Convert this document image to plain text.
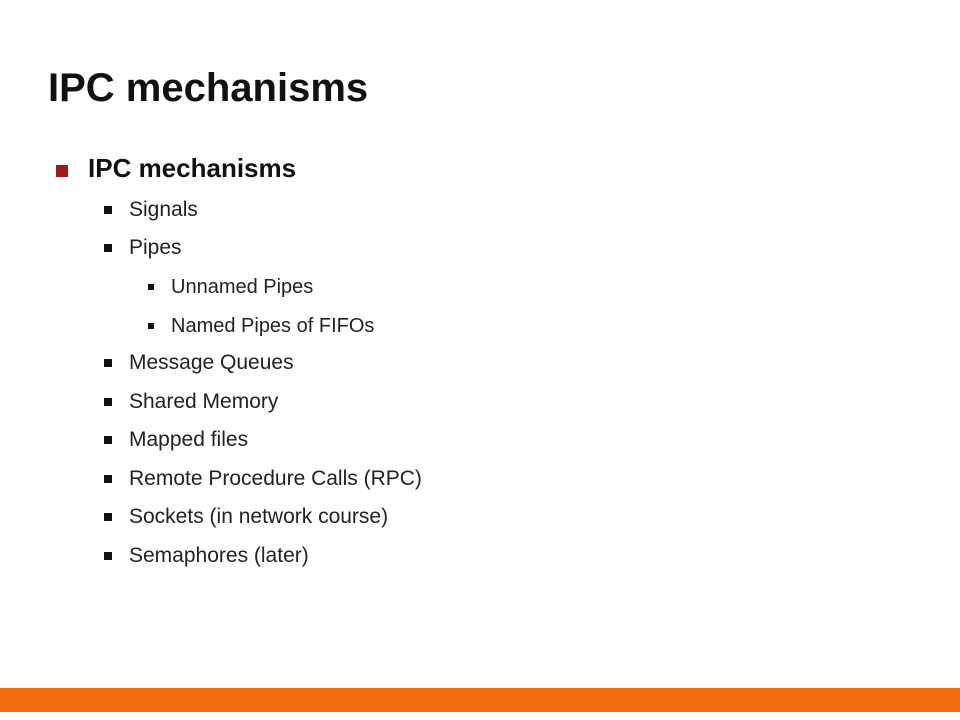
IPC mechanisms
IPC mechanisms
Signals
Pipes
Unnamed Pipes
Named Pipes of FIFOs
Message Queues
Shared Memory
Mapped files
Remote Procedure Calls (RPC)
Sockets (in network course)
Semaphores (later)
